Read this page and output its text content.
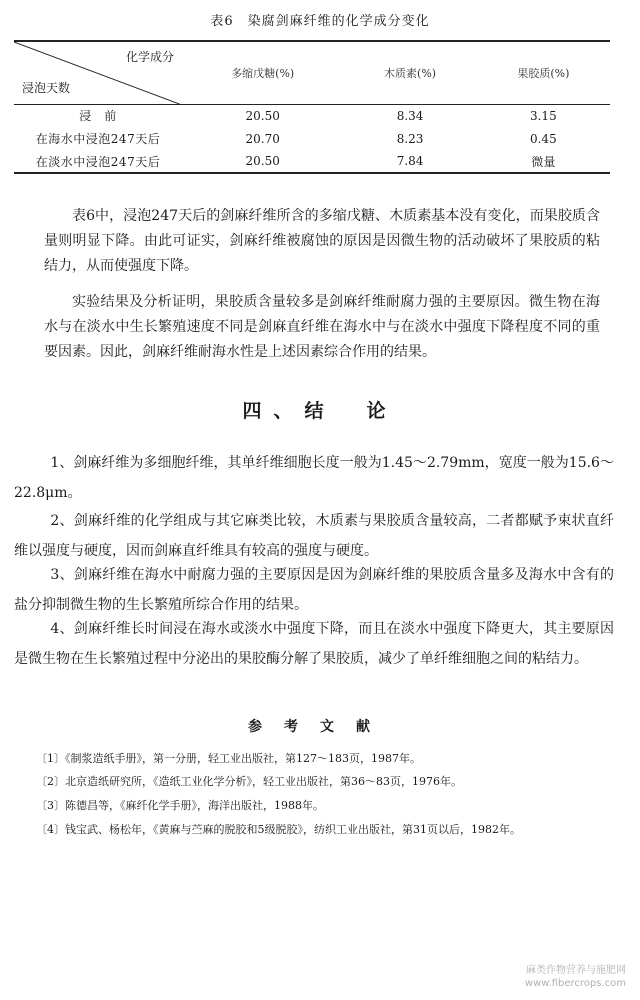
表6　染腐剑麻纤维的化学成分变化
化学成分
浸泡天数	多缩戊糖(%)	木质素(%)	果胶质(%)
浸　前	20.50	8.34	3.15
在海水中浸泡247天后	20.70	8.23	0.45
在淡水中浸泡247天后	20.50	7.84	微量

表6中，浸泡247天后的剑麻纤维所含的多缩戊糖、木质素基本没有变化，而果胶质含量则明显下降。由此可证实，剑麻纤维被腐蚀的原因是因微生物的活动破坏了果胶质的粘结力，从而使强度下降。

实验结果及分析证明，果胶质含量较多是剑麻纤维耐腐力强的主要原因。微生物在海水与在淡水中生长繁殖速度不同是剑麻直纤维在海水中与在淡水中强度下降程度不同的重要因素。因此，剑麻纤维耐海水性是上述因素综合作用的结果。

四、结　论

1、剑麻纤维为多细胞纤维，其单纤维细胞长度一般为1.45～2.79mm，宽度一般为15.6～22.8μm。

2、剑麻纤维的化学组成与其它麻类比较，木质素与果胶质含量较高，二者都赋予束状直纤维以强度与硬度，因而剑麻直纤维具有较高的强度与硬度。

3、剑麻纤维在海水中耐腐力强的主要原因是因为剑麻纤维的果胶质含量多及海水中含有的盐分抑制微生物的生长繁殖所综合作用的结果。

4、剑麻纤维长时间浸在海水或淡水中强度下降，而且在淡水中强度下降更大，其主要原因是微生物在生长繁殖过程中分泌出的果胶酶分解了果胶质，减少了单纤维细胞之间的粘结力。

参考文献

〔1〕《制浆造纸手册》，第一分册，轻工业出版社，第127～183页，1987年。

〔2〕北京造纸研究所，《造纸工业化学分析》，轻工业出版社，第36～83页，1976年。

〔3〕陈德昌等，《麻纤化学手册》，海洋出版社，1988年。

〔4〕钱宝武、杨松年，《黄麻与苎麻的脱胶和5级脱胶》，纺织工业出版社，第31页以后，1982年。

麻类作物营养与施肥网
www.fibercrops.com
